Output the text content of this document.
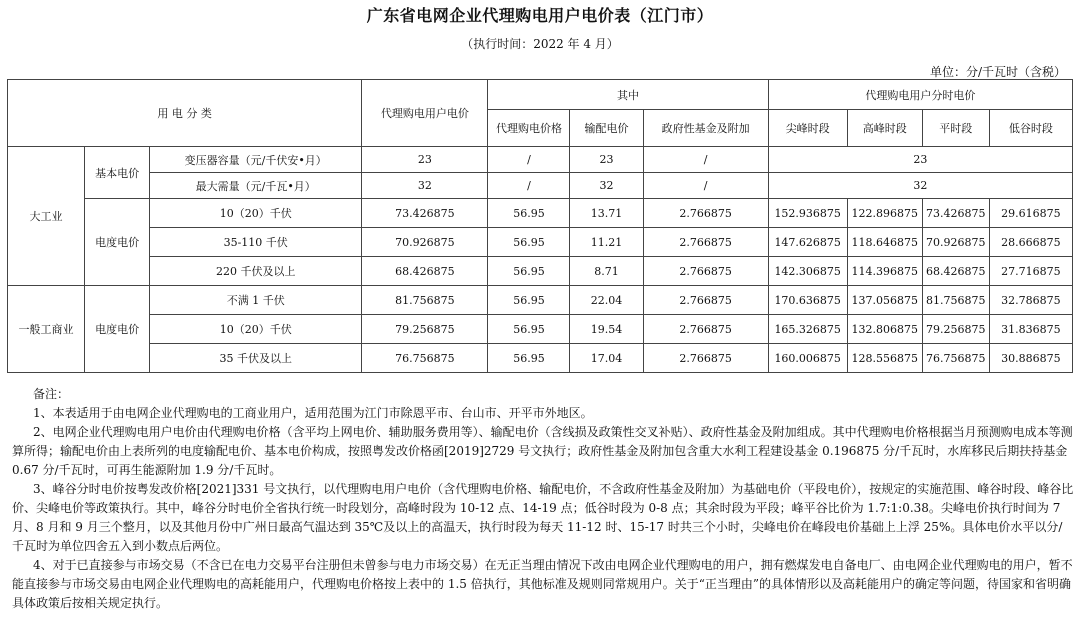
广东省电网企业代理购电用户电价表（江门市）
（执行时间：2022 年 4 月）
单位：分/千瓦时（含税）
用 电 分 类			代理购电用户电价	其中			代理购电用户分时电价			
				代理购电价格	输配电价	政府性基金及附加	尖峰时段	高峰时段	平时段	低谷时段
大工业	基本电价	变压器容量（元/千伏安•月）	23	/	23	/	23			
		最大需量（元/千瓦•月）	32	/	32	/	32			
	电度电价	10（20）千伏	73.426875	56.95	13.71	2.766875	152.936875	122.896875	73.426875	29.616875
		35-110 千伏	70.926875	56.95	11.21	2.766875	147.626875	118.646875	70.926875	28.666875
		220 千伏及以上	68.426875	56.95	8.71	2.766875	142.306875	114.396875	68.426875	27.716875
一般工商业	电度电价	不满 1 千伏	81.756875	56.95	22.04	2.766875	170.636875	137.056875	81.756875	32.786875
		10（20）千伏	79.256875	56.95	19.54	2.766875	165.326875	132.806875	79.256875	31.836875
		35 千伏及以上	76.756875	56.95	17.04	2.766875	160.006875	128.556875	76.756875	30.886875

备注：

1、本表适用于由电网企业代理购电的工商业用户，适用范围为江门市除恩平市、台山市、开平市外地区。

2、电网企业代理购电用户电价由代理购电价格（含平均上网电价、辅助服务费用等）、输配电价（含线损及政策性交叉补贴）、政府性基金及附加组成。其中代理购电价格根据当月预测购电成本等测算所得；输配电价由上表所列的电度输配电价、基本电价构成，按照粤发改价格函[2019]2729 号文执行；政府性基金及附加包含重大水利工程建设基金 0.196875 分/千瓦时，水库移民后期扶持基金 0.67 分/千瓦时，可再生能源附加 1.9 分/千瓦时。

3、峰谷分时电价按粤发改价格[2021]331 号文执行，以代理购电用户电价（含代理购电价格、输配电价，不含政府性基金及附加）为基础电价（平段电价），按规定的实施范围、峰谷时段、峰谷比价、尖峰电价等政策执行。其中，峰谷分时电价全省执行统一时段划分，高峰时段为 10-12 点、14-19 点；低谷时段为 0-8 点；其余时段为平段；峰平谷比价为 1.7:1:0.38。尖峰电价执行时间为 7 月、8 月和 9 月三个整月，以及其他月份中广州日最高气温达到 35℃及以上的高温天，执行时段为每天 11-12 时、15-17 时共三个小时，尖峰电价在峰段电价基础上上浮 25%。具体电价水平以分/千瓦时为单位四舍五入到小数点后两位。

4、对于已直接参与市场交易（不含已在电力交易平台注册但未曾参与电力市场交易）在无正当理由情况下改由电网企业代理购电的用户，拥有燃煤发电自备电厂、由电网企业代理购电的用户，暂不能直接参与市场交易由电网企业代理购电的高耗能用户，代理购电价格按上表中的 1.5 倍执行，其他标准及规则同常规用户。关于“正当理由”的具体情形以及高耗能用户的确定等问题，待国家和省明确具体政策后按相关规定执行。
